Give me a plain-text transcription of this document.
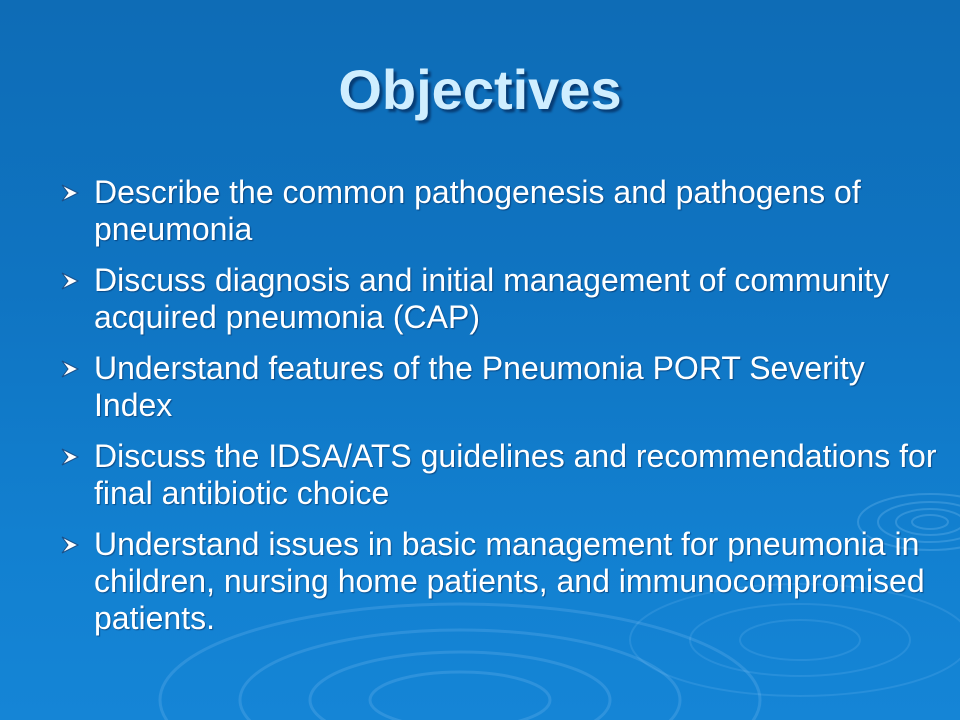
Objectives
Describe the common pathogenesis and pathogens of pneumonia
Discuss diagnosis and initial management of community acquired pneumonia (CAP)
Understand features of the Pneumonia PORT Severity Index
Discuss the IDSA/ATS guidelines and recommendations for final antibiotic choice
Understand issues in basic management for pneumonia in children, nursing home patients, and immunocompromised patients.
